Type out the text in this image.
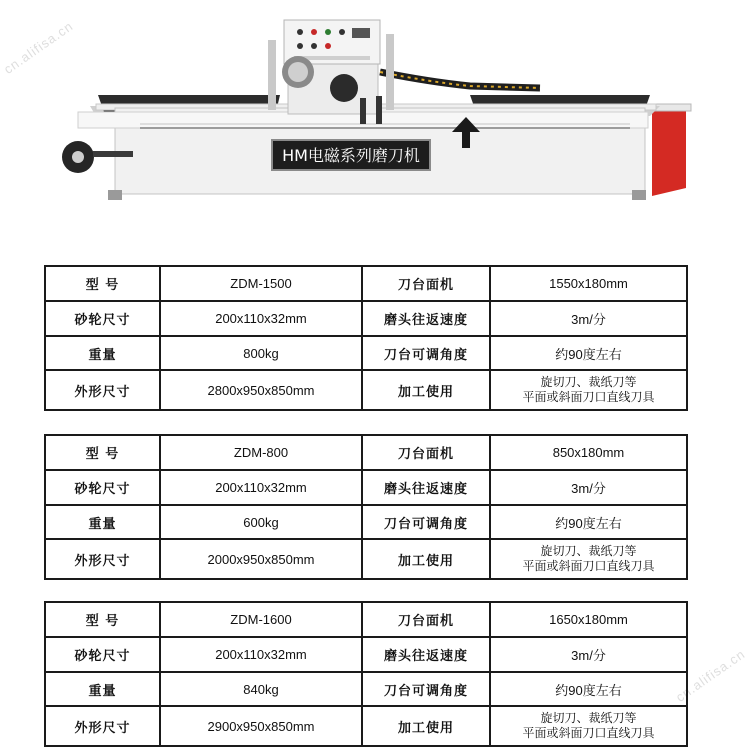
HM电磁系列磨刀机
cn.alifisa.cn
cn.alifisa.cn
型 号	ZDM-1500	刀台面机	1550x180mm
砂轮尺寸	200x110x32mm	磨头往返速度	3m/分
重量	800kg	刀台可调角度	约90度左右
外形尺寸	2800x950x850mm	加工使用	旋切刀、裁纸刀等
平面或斜面刀口直线刀具
型 号	ZDM-800	刀台面机	850x180mm
砂轮尺寸	200x110x32mm	磨头往返速度	3m/分
重量	600kg	刀台可调角度	约90度左右
外形尺寸	2000x950x850mm	加工使用	旋切刀、裁纸刀等
平面或斜面刀口直线刀具
型 号	ZDM-1600	刀台面机	1650x180mm
砂轮尺寸	200x110x32mm	磨头往返速度	3m/分
重量	840kg	刀台可调角度	约90度左右
外形尺寸	2900x950x850mm	加工使用	旋切刀、裁纸刀等
平面或斜面刀口直线刀具
